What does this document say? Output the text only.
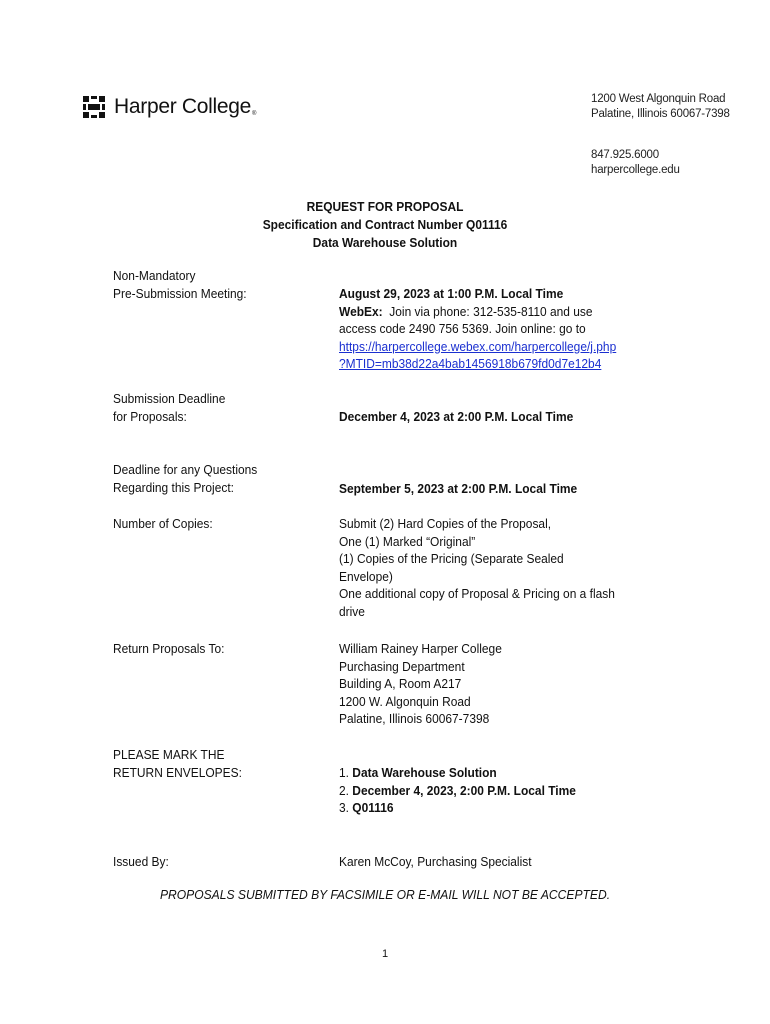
Harper College ®
1200 West Algonquin Road
Palatine, Illinois 60067-7398
847.925.6000
harpercollege.edu
REQUEST FOR PROPOSAL
Specification and Contract Number Q01116
Data Warehouse Solution
Non-Mandatory
Pre-Submission Meeting:	August 29, 2023 at 1:00 P.M. Local Time
WebEx:  Join via phone: 312-535-8110 and use
access code 2490 756 5369. Join online: go to
https://harpercollege.webex.com/harpercollege/j.php
?MTID=mb38d22a4bab1456918b679fd0d7e12b4
Submission Deadline
for Proposals:	December 4, 2023 at 2:00 P.M. Local Time
Deadline for any Questions
Regarding this Project:	September 5, 2023 at 2:00 P.M. Local Time
Number of Copies:	Submit (2) Hard Copies of the Proposal,
One (1) Marked “Original”
(1) Copies of the Pricing (Separate Sealed
Envelope)
One additional copy of Proposal & Pricing on a flash
drive
Return Proposals To:	William Rainey Harper College
Purchasing Department
Building A, Room A217
1200 W. Algonquin Road
Palatine, Illinois 60067-7398
PLEASE MARK THE
RETURN ENVELOPES:	1. Data Warehouse Solution
2. December 4, 2023, 2:00 P.M. Local Time
3. Q01116
Issued By:	Karen McCoy, Purchasing Specialist
PROPOSALS SUBMITTED BY FACSIMILE OR E-MAIL WILL NOT BE ACCEPTED.
1
